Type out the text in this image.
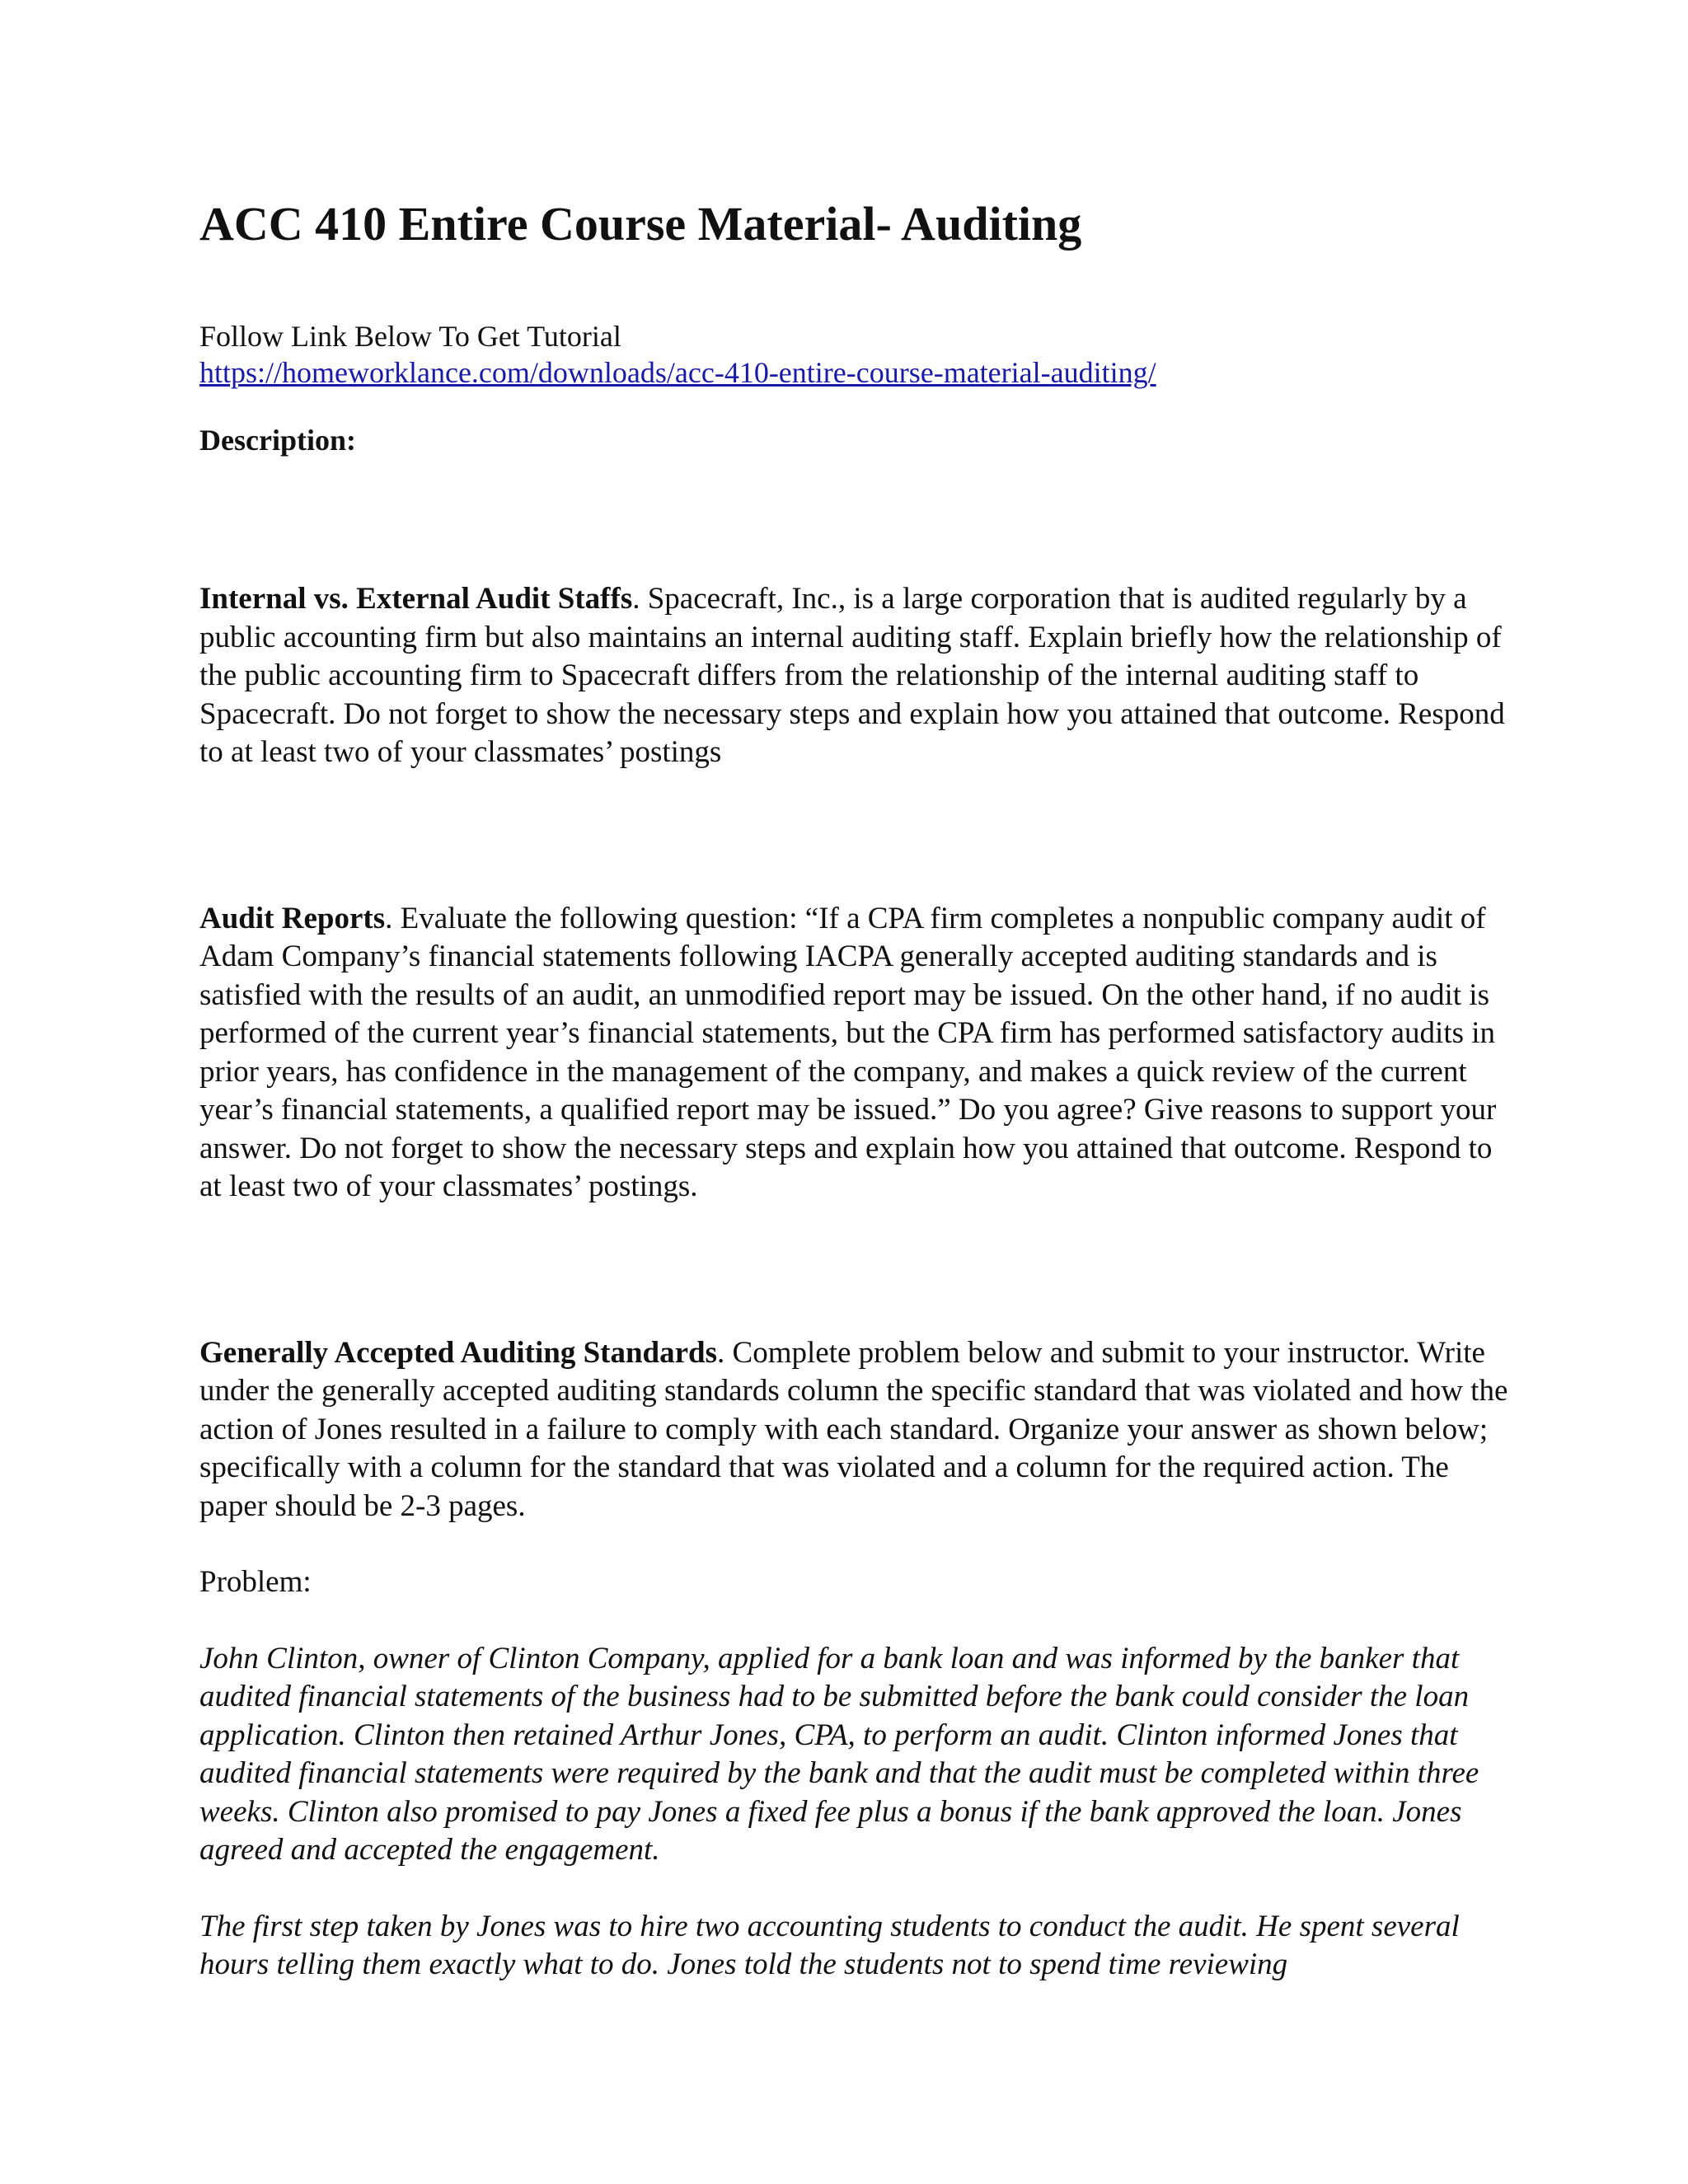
ACC 410 Entire Course Material- Auditing
Follow Link Below To Get Tutorial
https://homeworklance.com/downloads/acc-410-entire-course-material-auditing/
Description:

Internal vs. External Audit Staffs. Spacecraft, Inc., is a large corporation that is audited regularly by a public accounting firm but also maintains an internal auditing staff. Explain briefly how the relationship of the public accounting firm to Spacecraft differs from the relationship of the internal auditing staff to Spacecraft. Do not forget to show the necessary steps and explain how you attained that outcome. Respond to at least two of your classmates’ postings

Audit Reports. Evaluate the following question: “If a CPA firm completes a nonpublic company audit of Adam Company’s financial statements following IACPA generally accepted auditing standards and is satisfied with the results of an audit, an unmodified report may be issued. On the other hand, if no audit is performed of the current year’s financial statements, but the CPA firm has performed satisfactory audits in prior years, has confidence in the management of the company, and makes a quick review of the current year’s financial statements, a qualified report may be issued.” Do you agree? Give reasons to support your answer. Do not forget to show the necessary steps and explain how you attained that outcome. Respond to at least two of your classmates’ postings.

Generally Accepted Auditing Standards. Complete problem below and submit to your instructor. Write under the generally accepted auditing standards column the specific standard that was violated and how the action of Jones resulted in a failure to comply with each standard. Organize your answer as shown below; specifically with a column for the standard that was violated and a column for the required action. The paper should be 2-3 pages.

Problem:

John Clinton, owner of Clinton Company, applied for a bank loan and was informed by the banker that audited financial statements of the business had to be submitted before the bank could consider the loan application. Clinton then retained Arthur Jones, CPA, to perform an audit. Clinton informed Jones that audited financial statements were required by the bank and that the audit must be completed within three weeks. Clinton also promised to pay Jones a fixed fee plus a bonus if the bank approved the loan. Jones agreed and accepted the engagement.

The first step taken by Jones was to hire two accounting students to conduct the audit. He spent several hours telling them exactly what to do. Jones told the students not to spend time reviewing
